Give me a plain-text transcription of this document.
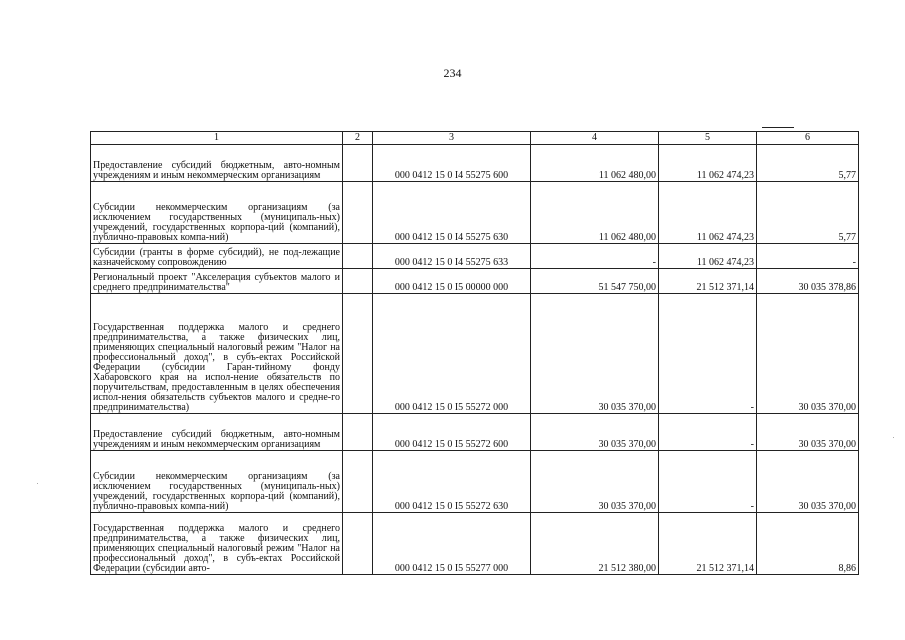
234
1	2	3	4	5	6
Предоставление субсидий бюджетным, авто-номным учреждениям и иным некоммерческим организациям		000 0412 15 0 I4 55275 600	11 062 480,00	11 062 474,23	5,77
Субсидии некоммерческим организациям (за исключением государственных (муниципаль-ных) учреждений, государственных корпора-ций (компаний), публично-правовых компа-ний)		000 0412 15 0 I4 55275 630	11 062 480,00	11 062 474,23	5,77
Субсидии (гранты в форме субсидий), не под-лежащие казначейскому сопровождению		000 0412 15 0 I4 55275 633	-	11 062 474,23	-
Региональный проект "Акселерация субъектов малого и среднего предпринимательства"		000 0412 15 0 I5 00000 000	51 547 750,00	21 512 371,14	30 035 378,86
Государственная поддержка малого и среднего предпринимательства, а также физических лиц, применяющих специальный налоговый режим "Налог на профессиональный доход", в субъ-ектах Российской Федерации (субсидии Гаран-тийному фонду Хабаровского края на испол-нение обязательств по поручительствам, предоставленным в целях обеспечения испол-нения обязательств субъектов малого и средне-го предпринимательства)		000 0412 15 0 I5 55272 000	30 035 370,00	-	30 035 370,00
Предоставление субсидий бюджетным, авто-номным учреждениям и иным некоммерческим организациям		000 0412 15 0 I5 55272 600	30 035 370,00	-	30 035 370,00
Субсидии некоммерческим организациям (за исключением государственных (муниципаль-ных) учреждений, государственных корпора-ций (компаний), публично-правовых компа-ний)		000 0412 15 0 I5 55272 630	30 035 370,00	-	30 035 370,00
Государственная поддержка малого и среднего предпринимательства, а также физических лиц, применяющих специальный налоговый режим "Налог на профессиональный доход", в субъ-ектах Российской Федерации (субсидии авто-		000 0412 15 0 I5 55277 000	21 512 380,00	21 512 371,14	8,86
